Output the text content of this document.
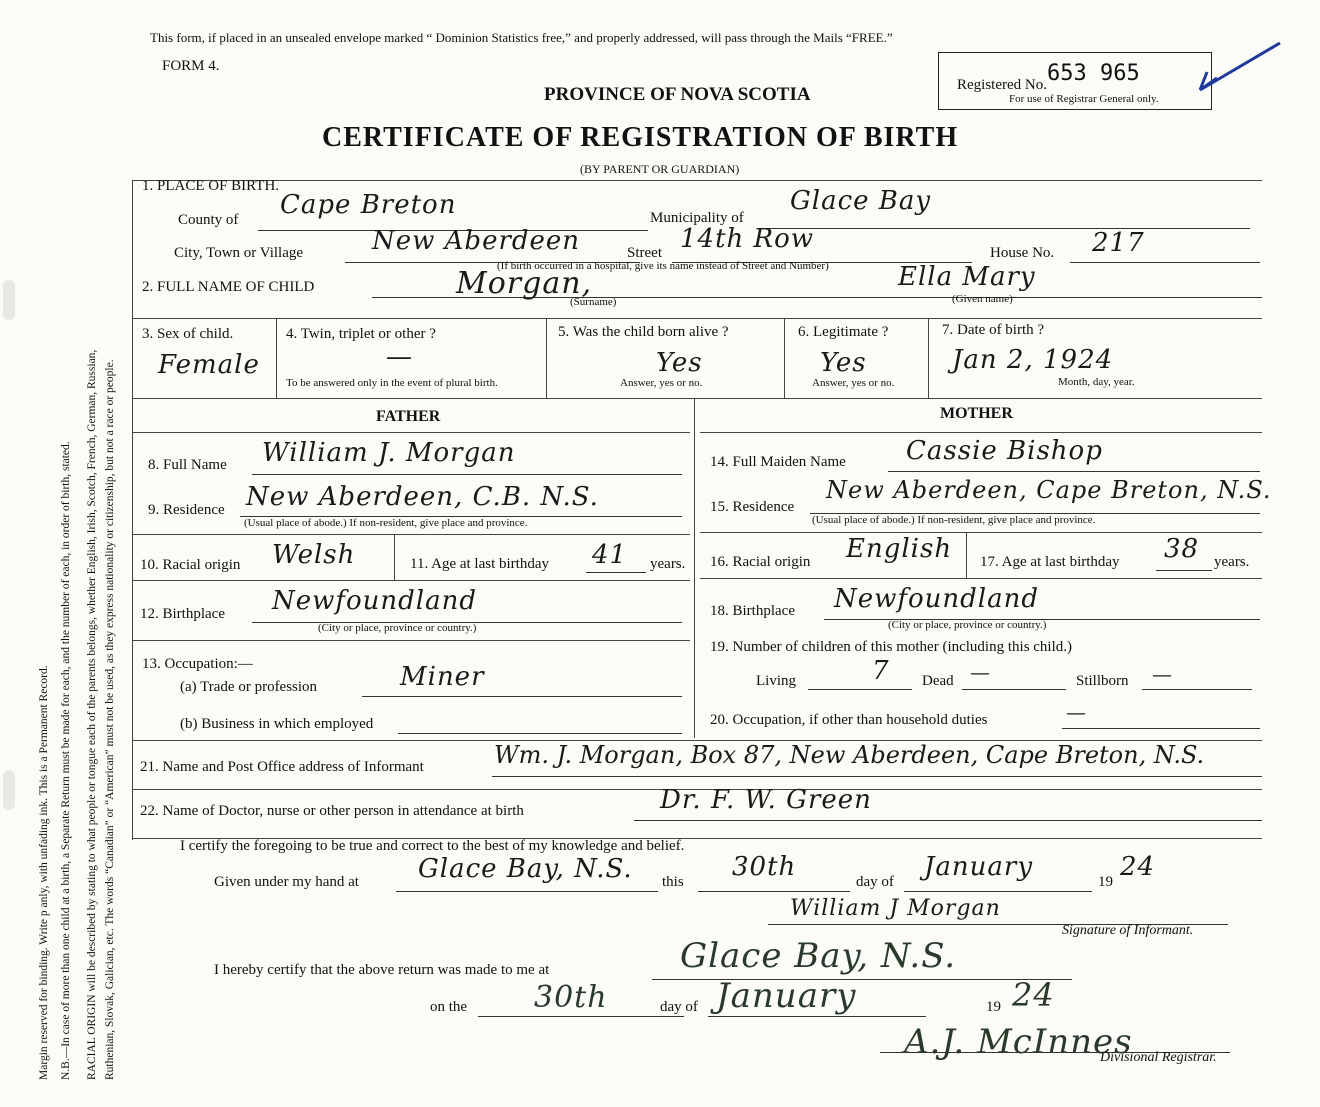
Margin reserved for binding. Write p anly, with unfading ink. This is a Permanent Record. N.B.—In case of more than one child at a birth, a Separate Return must be made for each, and the number of each, in order of birth, stated. RACIAL ORIGIN will be described by stating to what people or tongue each of the parents belongs, whether English, Irish, Scotch, French, German, Russian, Ruthenian, Slovak, Galician, etc. The words “Canadian” or “American” must not be used, as they express nationality or citizenship, but not a race or people.
This form, if placed in an unsealed envelope marked “ Dominion Statistics free,” and properly addressed, will pass through the Mails “FREE.”
FORM 4.
Registered No. 653 965
For use of Registrar General only.
PROVINCE OF NOVA SCOTIA
CERTIFICATE OF REGISTRATION OF BIRTH
(BY PARENT OR GUARDIAN)
1. PLACE OF BIRTH.
County of Cape Breton	Municipality of
Glace Bay
City, Town or Village	New Aberdeen	Street 14th Row	House No. 217
(If birth occurred in a hospital, give its name instead of Street and Number)
2. FULL NAME OF CHILD	Morgan,
(Surname)
Ella Mary
(Given name)
3. Sex of child.
Female
4. Twin, triplet or other ?
—
To be answered only in the event of plural birth.
5. Was the child born alive ?
Yes
Answer, yes or no.
6. Legitimate ?
Yes
Answer, yes or no.
7. Date of birth ?
Jan 2, 1924
Month, day, year.
FATHER	MOTHER
8. Full Name William J. Morgan
9. Residence New Aberdeen, C.B. N.S.
(Usual place of abode.) If non-resident, give place and province.
10. Racial origin Welsh	11. Age at last birthday 41 years.
12. Birthplace Newfoundland
(City or place, province or country.)
13. Occupation:—
(a) Trade or profession	Miner
(b) Business in which employed
14. Full Maiden Name Cassie Bishop
15. Residence
New Aberdeen, Cape Breton, N.S.
(Usual place of abode.) If non-resident, give place and province.
16. Racial origin English 17. Age at last birthday 38 years.
18. Birthplace Newfoundland
(City or place, province or country.)
19. Number of children of this mother (including this child.)
Living	7 Dead —	Stillborn —
20. Occupation, if other than household duties	—
21. Name and Post Office address of Informant	Wm. J. Morgan, Box 87, New Aberdeen, Cape Breton, N.S.
22. Name of Doctor, nurse or other person in attendance at birth	Dr. F. W. Green
I certify the foregoing to be true and correct to the best of my knowledge and belief.
Given under my hand at Glace Bay, N.S. this 30th	day of January	19 24
William J Morgan
Signature of Informant.
I hereby certify that the above return was made to me at	Glace Bay, N.S.
on the 30th	day of January	19 24
A.J. McInnes
Divisional Registrar.
